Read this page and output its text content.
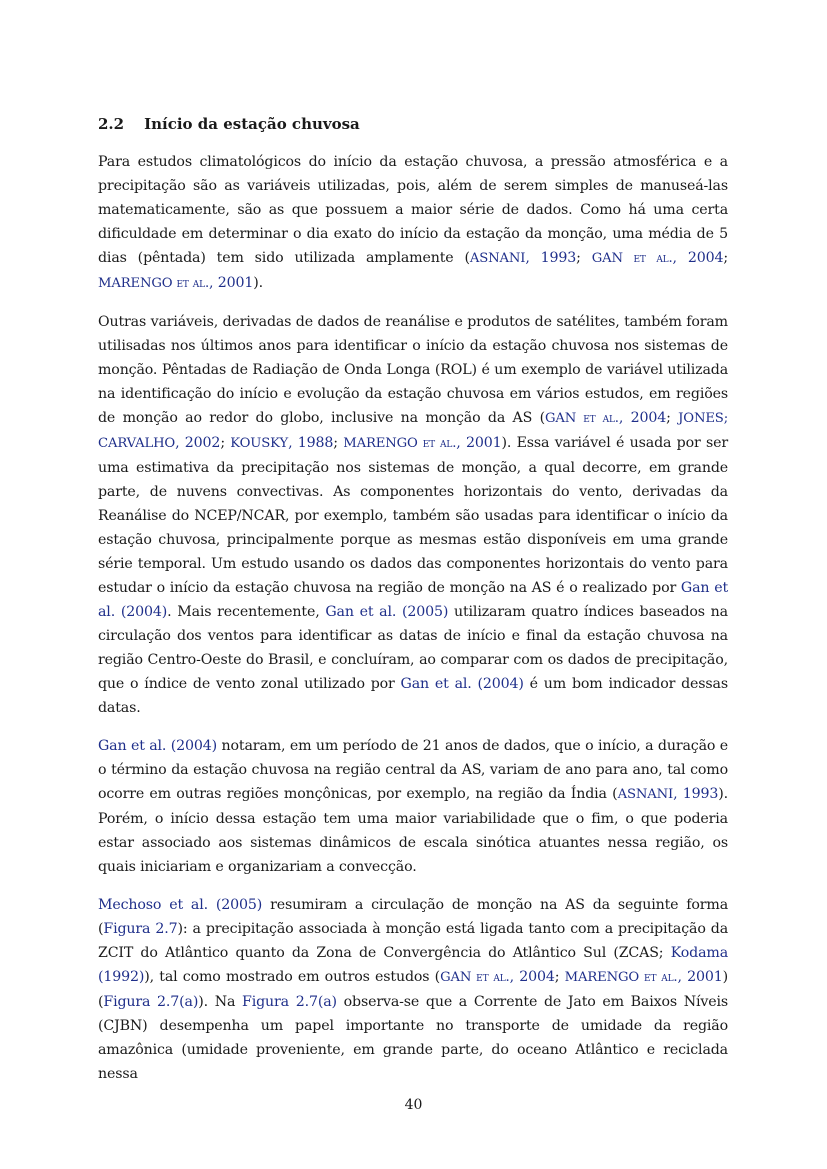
2.2 Início da estação chuvosa

Para estudos climatológicos do início da estação chuvosa, a pressão atmosférica e a precipitação são as variáveis utilizadas, pois, além de serem simples de manuseá-las matematicamente, são as que possuem a maior série de dados. Como há uma certa dificuldade em determinar o dia exato do início da estação da monção, uma média de 5 dias (pêntada) tem sido utilizada amplamente (ASNANI, 1993; GAN et al., 2004; MARENGO et al., 2001).

Outras variáveis, derivadas de dados de reanálise e produtos de satélites, também foram utilisadas nos últimos anos para identificar o início da estação chuvosa nos sistemas de monção. Pêntadas de Radiação de Onda Longa (ROL) é um exemplo de variável utilizada na identificação do início e evolução da estação chuvosa em vários estudos, em regiões de monção ao redor do globo, inclusive na monção da AS (GAN et al., 2004; JONES; CARVALHO, 2002; KOUSKY, 1988; MARENGO et al., 2001). Essa variável é usada por ser uma estimativa da precipitação nos sistemas de monção, a qual decorre, em grande parte, de nuvens convectivas. As componentes horizontais do vento, derivadas da Reanálise do NCEP/NCAR, por exemplo, também são usadas para identificar o início da estação chuvosa, principalmente porque as mesmas estão disponíveis em uma grande série temporal. Um estudo usando os dados das componentes horizontais do vento para estudar o início da estação chuvosa na região de monção na AS é o realizado por Gan et al. (2004). Mais recentemente, Gan et al. (2005) utilizaram quatro índices baseados na circulação dos ventos para identificar as datas de início e final da estação chuvosa na região Centro-Oeste do Brasil, e concluíram, ao comparar com os dados de precipitação, que o índice de vento zonal utilizado por Gan et al. (2004) é um bom indicador dessas datas.

Gan et al. (2004) notaram, em um período de 21 anos de dados, que o início, a duração e o término da estação chuvosa na região central da AS, variam de ano para ano, tal como ocorre em outras regiões monçônicas, por exemplo, na região da Índia (ASNANI, 1993). Porém, o início dessa estação tem uma maior variabilidade que o fim, o que poderia estar associado aos sistemas dinâmicos de escala sinótica atuantes nessa região, os quais iniciariam e organizariam a convecção.

Mechoso et al. (2005) resumiram a circulação de monção na AS da seguinte forma (Figura 2.7): a precipitação associada à monção está ligada tanto com a precipitação da ZCIT do Atlântico quanto da Zona de Convergência do Atlântico Sul (ZCAS; Kodama (1992)), tal como mostrado em outros estudos (GAN et al., 2004; MARENGO et al., 2001) (Figura 2.7(a)). Na Figura 2.7(a) observa-se que a Corrente de Jato em Baixos Níveis (CJBN) desempenha um papel importante no transporte de umidade da região amazônica (umidade proveniente, em grande parte, do oceano Atlântico e reciclada nessa

40
